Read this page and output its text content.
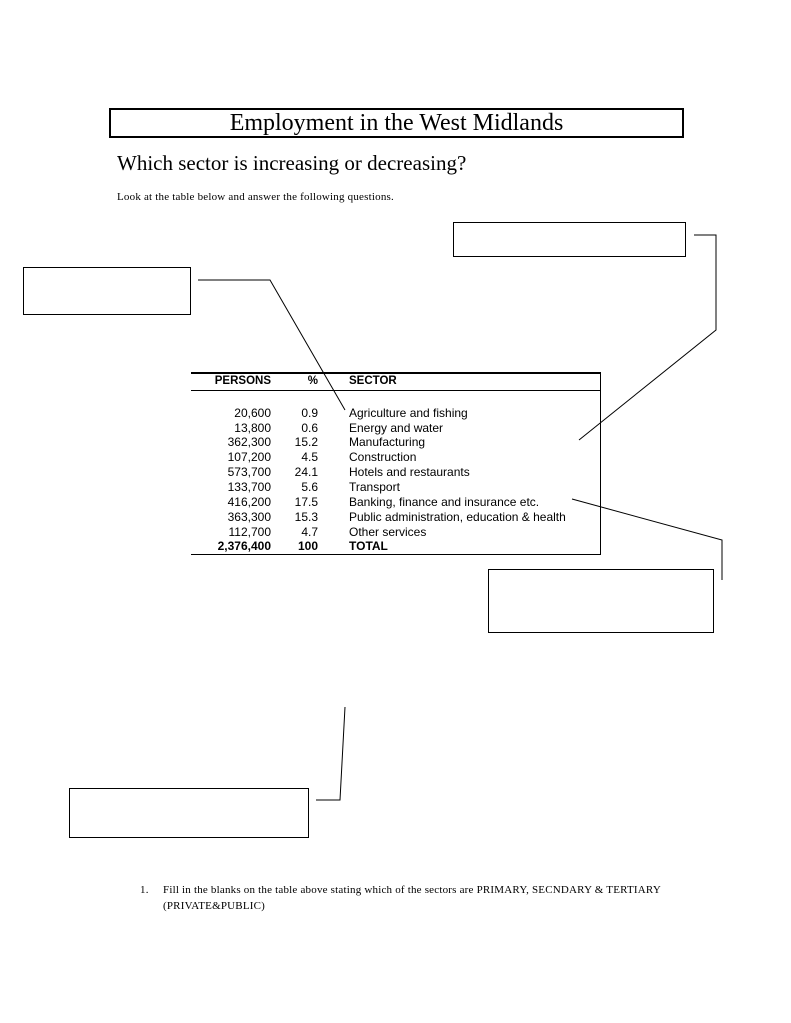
Employment in the West Midlands
Which sector is increasing or decreasing?
Look at the table below and answer the following questions.
PERSONS	%	SECTOR
20,600	0.9	Agriculture and fishing
13,800	0.6	Energy and water
362,300 15.2	Manufacturing
107,200	4.5	Construction
573,700 24.1	Hotels and restaurants
133,700	5.6	Transport
416,200 17.5	Banking, finance and insurance etc.
363,300 15.3	Public administration, education & health
112,700	4.7	Other services
2,376,400 100	TOTAL
1. Fill in the blanks on the table above stating which of the sectors are PRIMARY, SECNDARY & TERTIARY (PRIVATE&PUBLIC)
